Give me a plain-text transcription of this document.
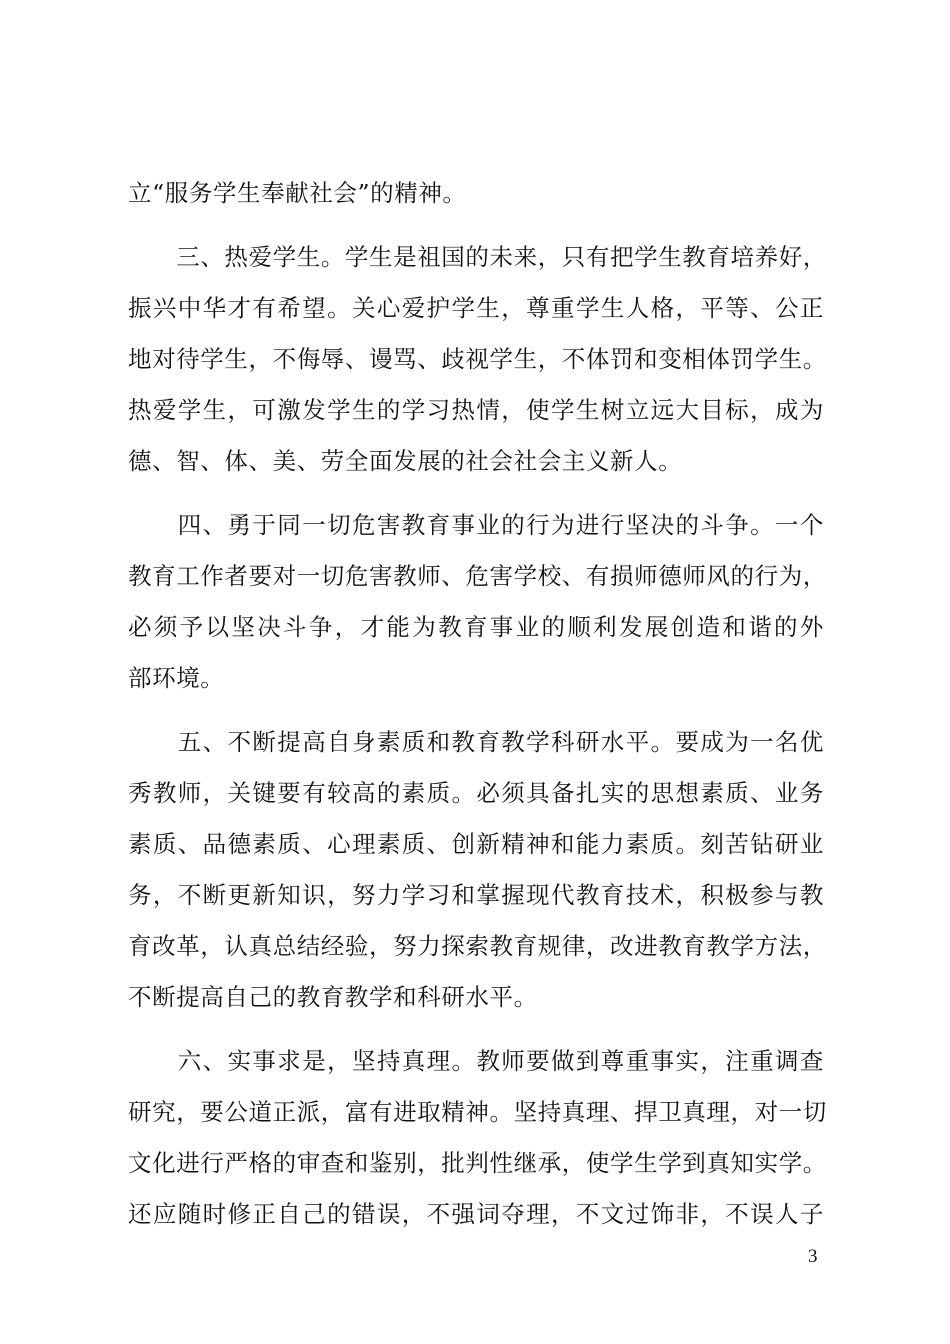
立“服务学生奉献社会”的精神。
　　三、热爱学生。学生是祖国的未来，只有把学生教育培养好，
振兴中华才有希望。关心爱护学生，尊重学生人格，平等、公正
地对待学生，不侮辱、谩骂、歧视学生，不体罚和变相体罚学生。
热爱学生，可激发学生的学习热情，使学生树立远大目标，成为
德、智、体、美、劳全面发展的社会社会主义新人。
　　四、勇于同一切危害教育事业的行为进行坚决的斗争。一个
教育工作者要对一切危害教师、危害学校、有损师德师风的行为，
必须予以坚决斗争，才能为教育事业的顺利发展创造和谐的外
部环境。
　　五、不断提高自身素质和教育教学科研水平。要成为一名优
秀教师，关键要有较高的素质。必须具备扎实的思想素质、业务
素质、品德素质、心理素质、创新精神和能力素质。刻苦钻研业
务，不断更新知识，努力学习和掌握现代教育技术，积极参与教
育改革，认真总结经验，努力探索教育规律，改进教育教学方法，
不断提高自己的教育教学和科研水平。
　　六、实事求是，坚持真理。教师要做到尊重事实，注重调查
研究，要公道正派，富有进取精神。坚持真理、捍卫真理，对一切
文化进行严格的审查和鉴别，批判性继承，使学生学到真知实学。
还应随时修正自己的错误，不强词夺理，不文过饰非，不误人子
3
